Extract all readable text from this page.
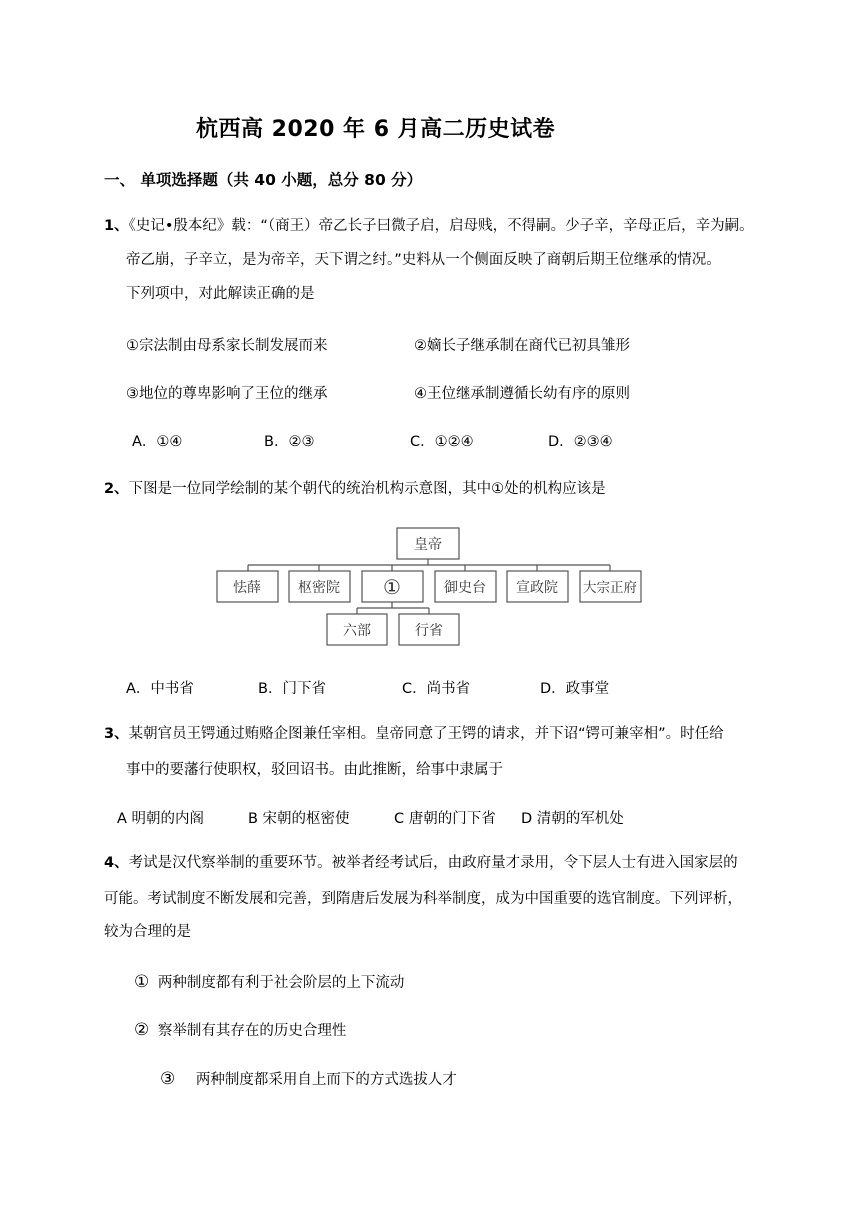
杭西高 2020 年 6 月高二历史试卷
一、 单项选择题（共 40 小题，总分 80 分）
1、《史记•殷本纪》载：“（商王）帝乙长子曰微子启，启母贱，不得嗣。少子辛，辛母正后，辛为嗣。
帝乙崩，子辛立，是为帝辛，天下谓之纣。”史料从一个侧面反映了商朝后期王位继承的情况。
下列项中，对此解读正确的是
①宗法制由母系家长制发展而来	②嫡长子继承制在商代已初具雏形
③地位的尊卑影响了王位的继承	④王位继承制遵循长幼有序的原则
A．①④	B．②③	C．①②④	D．②③④
2、下图是一位同学绘制的某个朝代的统治机构示意图，其中①处的机构应该是
皇帝
怯薛	枢密院 ①	御史台 宣政院 大宗正府
六部	行省
A．中书省	B．门下省	C．尚书省	D．政事堂
3、某朝官员王锷通过贿赂企图兼任宰相。皇帝同意了王锷的请求，并下诏“锷可兼宰相”。时任给
事中的要藩行使职权，驳回诏书。由此推断，给事中隶属于
A 明朝的内阁	B 宋朝的枢密使	C 唐朝的门下省 D 清朝的军机处
4、考试是汉代察举制的重要环节。被举者经考试后，由政府量才录用，令下层人士有进入国家层的
可能。考试制度不断发展和完善，到隋唐后发展为科举制度，成为中国重要的选官制度。下列评析，
较为合理的是
① 两种制度都有利于社会阶层的上下流动
② 察举制有其存在的历史合理性
③ 两种制度都采用自上而下的方式选拔人才
